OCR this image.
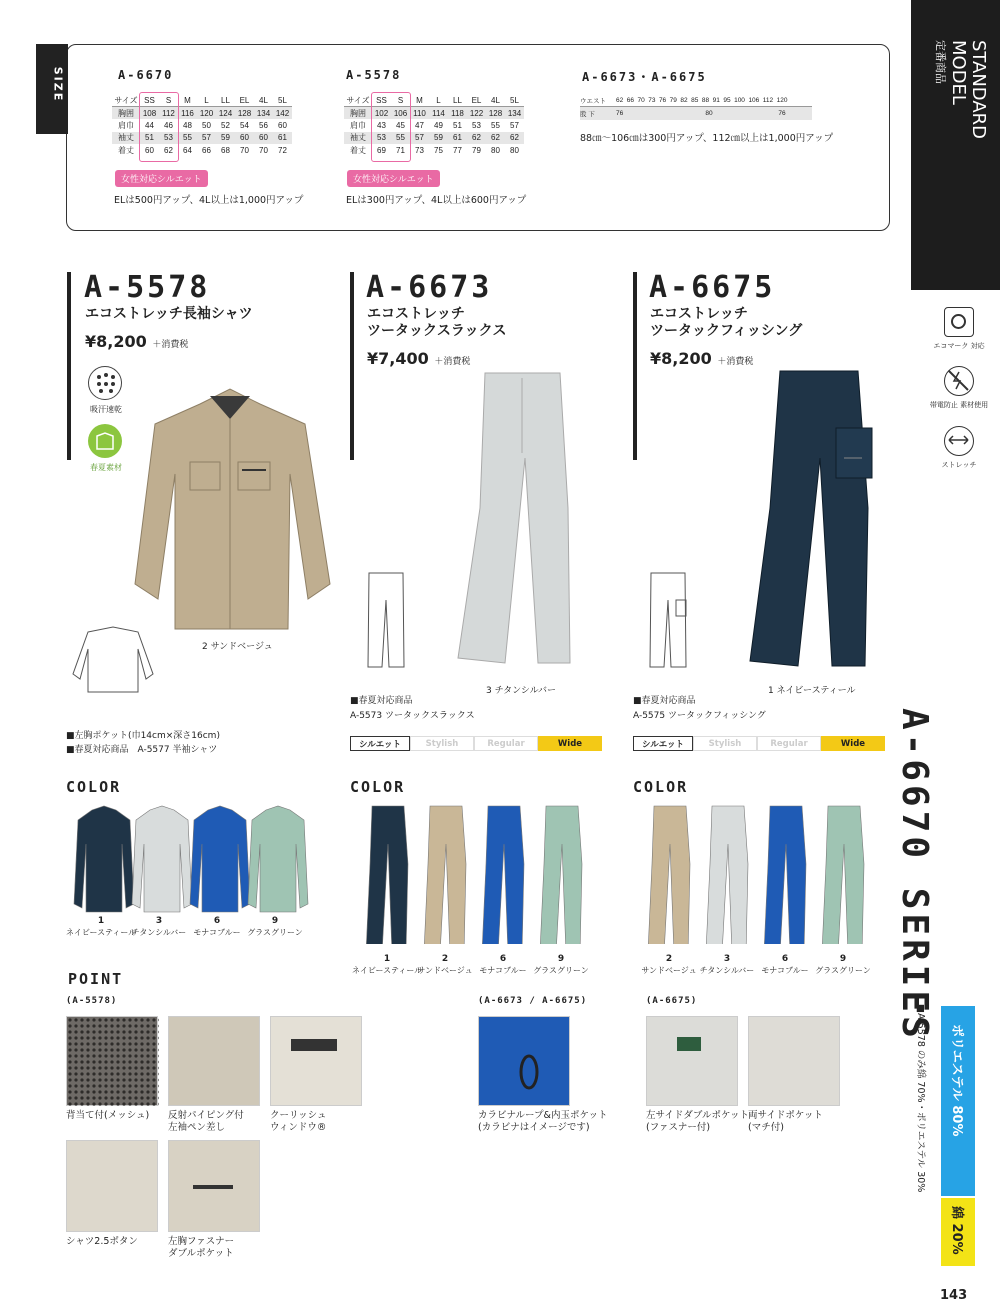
SIZE	A-6670
サイズ	SS	S	M	L	LL	EL	4L	5L
胸囲	108	112	116	120	124	128	134	142
肩巾	44	46	48	50	52	54	56	60
袖丈	51	53	55	57	59	60	60	61
着丈	60	62	64	66	68	70	70	72
女性対応シルエット
ELは500円アップ、4L以上は1,000円アップ
A-5578
サイズ	SS	S	M	L	LL	EL	4L	5L
胸囲	102	106	110	114	118	122	128	134
肩巾	43	45	47	49	51	53	55	57
袖丈	53	55	57	59	61	62	62	62
着丈	69	71	73	75	77	79	80	80
女性対応シルエット
ELは300円アップ、4L以上は600円アップ
A-6673・A-6675
ウエスト	62 66 70 73 76 79 82 85 88 91 95 100 106 112 120
股 下	76	80	76
88㎝～106㎝は300円アップ、112㎝以上は1,000円アップ	STANDARD
MODEL
定番商品
エコマーク 対応
帯電防止 素材使用
ストレッチ
A-5578
エコストレッチ長袖シャツ
¥8,200 ＋消費税
吸汗速乾
春夏素材
2 サンドベージュ
■左胸ポケット(巾14cm×深さ16cm)
■春夏対応商品　A-5577 半袖シャツ
A-6673
エコストレッチ
ツータックスラックス
¥7,400 ＋消費税
3 チタンシルバー
■春夏対応商品
A-5573 ツータックスラックス
シルエット	Stylish	Regular	Wide
A-6675
エコストレッチ
ツータックフィッシング
¥8,200 ＋消費税
1 ネイビースティール
■春夏対応商品
A-5575 ツータックフィッシング
シルエット	Stylish	Regular	Wide
COLOR	COLOR	COLOR
1
ネイビースティール
3
チタンシルバー
6
モナコブルー
9
グラスグリーン
1
ネイビースティール
2
サンドベージュ
6
モナコブルー
9
グラスグリーン
2
サンドベージュ
3
チタンシルバー
6
モナコブルー
9
グラスグリーン
POINT
(A-5578)	(A-6673 / A-6675)	(A-6675)
背当て付(メッシュ) 反射パイピング付
左袖ペン差し
クーリッシュ
ウィンドウ®
シャツ2.5ボタン	左胸ファスナー
ダブルポケット
カラビナループ&内玉ポケット
(カラビナはイメージです)
左サイドダブルポケット
(ファスナー付)
両サイドポケット
(マチ付)
A-6670 SERIES
■A-5578 のみ綿 70%・ポリエステル 30% ポリエステル 80%
綿 20%
143
